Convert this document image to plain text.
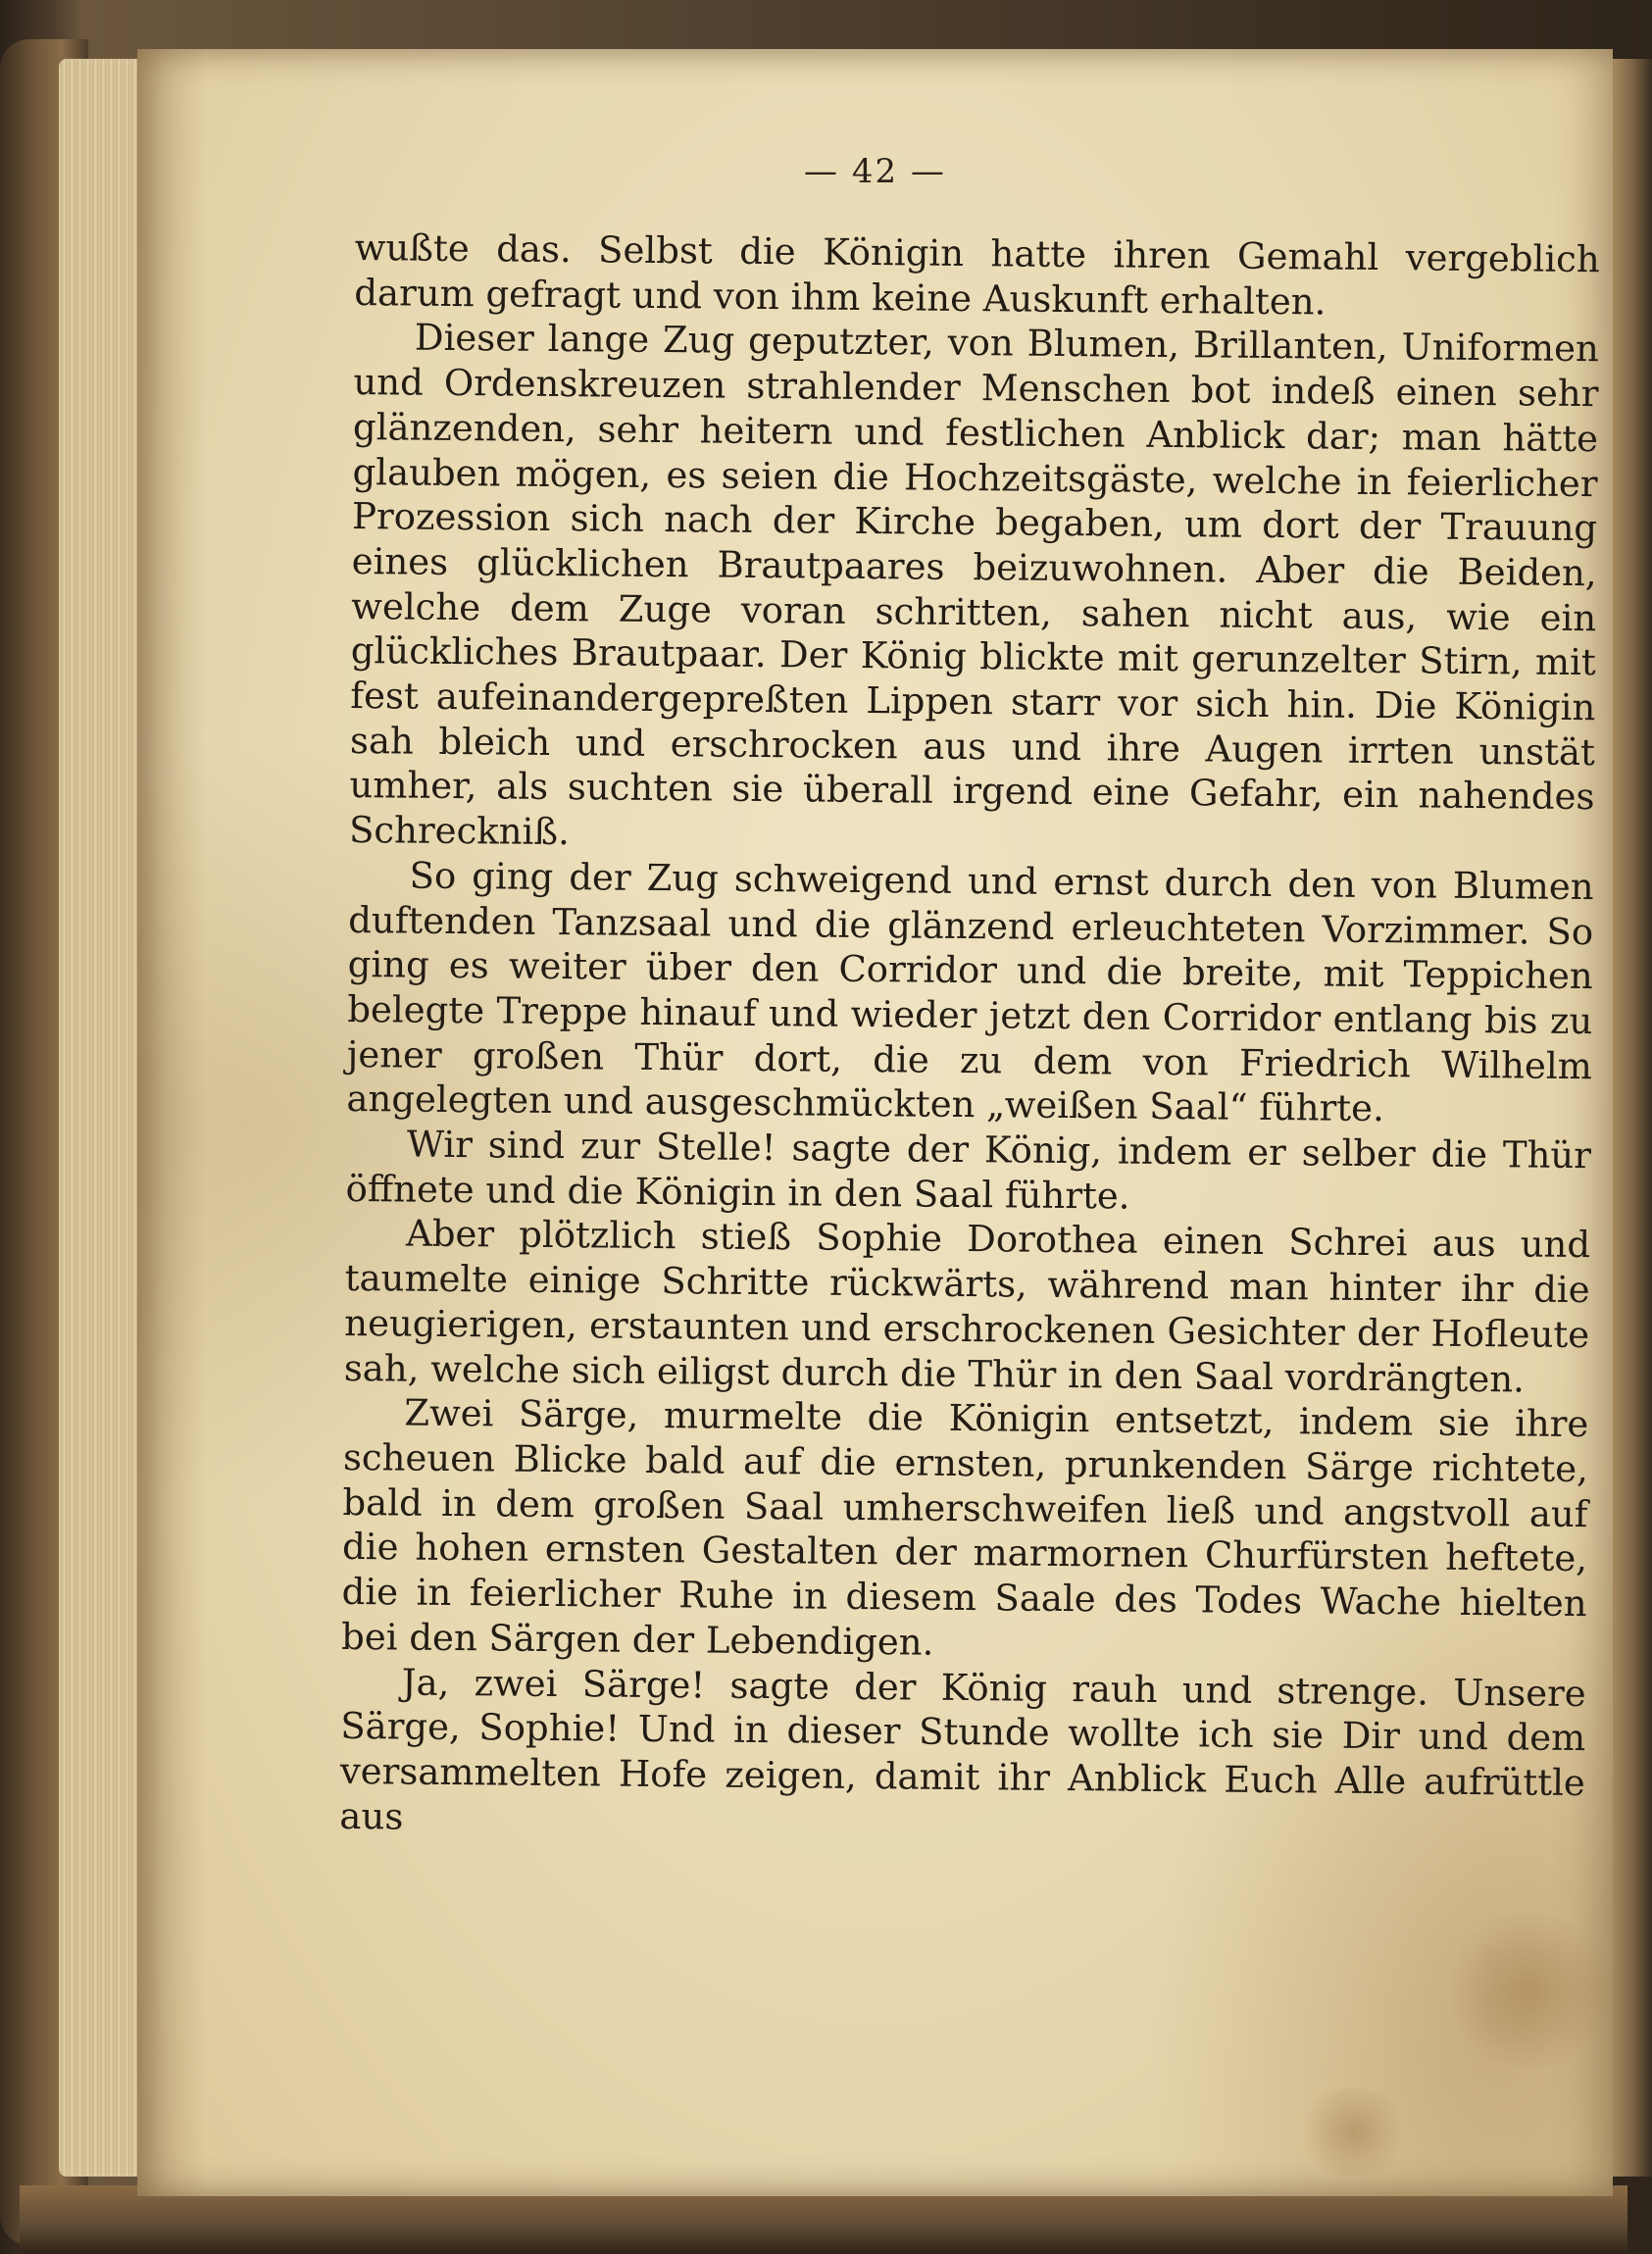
— 42 —

wußte das. Selbst die Königin hatte ihren Gemahl vergeblich darum gefragt und von ihm keine Auskunft erhalten.

Dieser lange Zug geputzter, von Blumen, Brillanten, Uniformen und Ordenskreuzen strahlender Menschen bot indeß einen sehr glänzenden, sehr heitern und festlichen Anblick dar; man hätte glauben mögen, es seien die Hochzeitsgäste, welche in feierlicher Prozession sich nach der Kirche begaben, um dort der Trauung eines glücklichen Brautpaares beizuwohnen. Aber die Beiden, welche dem Zuge voran schritten, sahen nicht aus, wie ein glückliches Brautpaar. Der König blickte mit gerunzelter Stirn, mit fest aufeinandergepreßten Lippen starr vor sich hin. Die Königin sah bleich und erschrocken aus und ihre Augen irrten unstät umher, als suchten sie überall irgend eine Gefahr, ein nahendes Schreckniß.

So ging der Zug schweigend und ernst durch den von Blumen duftenden Tanzsaal und die glänzend erleuchteten Vorzimmer. So ging es weiter über den Corridor und die breite, mit Teppichen belegte Treppe hinauf und wieder jetzt den Corridor entlang bis zu jener großen Thür dort, die zu dem von Friedrich Wilhelm angelegten und ausgeschmückten „weißen Saal“ führte.

Wir sind zur Stelle! sagte der König, indem er selber die Thür öffnete und die Königin in den Saal führte.

Aber plötzlich stieß Sophie Dorothea einen Schrei aus und taumelte einige Schritte rückwärts, während man hinter ihr die neugierigen, erstaunten und erschrockenen Gesichter der Hofleute sah, welche sich eiligst durch die Thür in den Saal vordrängten.

Zwei Särge, murmelte die Königin entsetzt, indem sie ihre scheuen Blicke bald auf die ernsten, prunkenden Särge richtete, bald in dem großen Saal umherschweifen ließ und angstvoll auf die hohen ernsten Gestalten der marmornen Churfürsten heftete, die in feierlicher Ruhe in diesem Saale des Todes Wache hielten bei den Särgen der Lebendigen.

Ja, zwei Särge! sagte der König rauh und strenge. Unsere Särge, Sophie! Und in dieser Stunde wollte ich sie Dir und dem versammelten Hofe zeigen, damit ihr Anblick Euch Alle aufrüttle aus
